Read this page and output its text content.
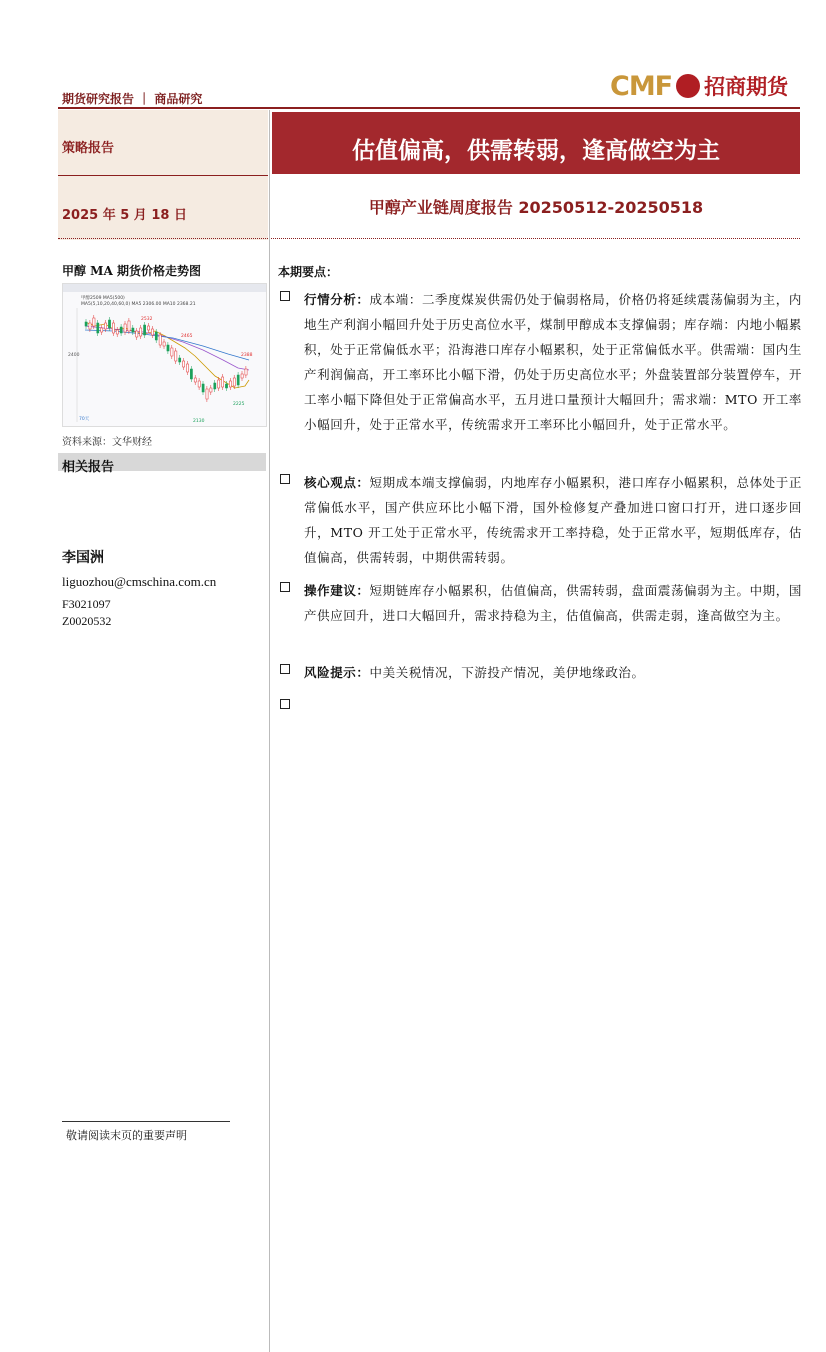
期货研究报告 ｜ 商品研究	CMF 招商期货
策略报告
2025 年 5 月 18 日
估值偏高，供需转弱，逢高做空为主
甲醇产业链周度报告 20250512-20250518
甲醇 MA 期货价格走势图
甲醇2509 MA5(500)
MA5(5,10,20,40,60,0) MA5 2306.00 MA10 2368.21
2532
2465
2400	2388
2130
2225
70天
资料来源：文华财经
相关报告
李国洲
liguozhou@cmschina.com.cn
F3021097
Z0020532
本期要点：
行情分析：成本端：二季度煤炭供需仍处于偏弱格局，价格仍将延续震荡偏弱为主，内地生产利润小幅回升处于历史高位水平，煤制甲醇成本支撑偏弱；库存端：内地小幅累积，处于正常偏低水平；沿海港口库存小幅累积，处于正常偏低水平。供需端：国内生产利润偏高，开工率环比小幅下滑，仍处于历史高位水平；外盘装置部分装置停车，开工率小幅下降但处于正常偏高水平，五月进口量预计大幅回升；需求端：MTO 开工率小幅回升，处于正常水平，传统需求开工率环比小幅回升，处于正常水平。
核心观点：短期成本端支撑偏弱，内地库存小幅累积，港口库存小幅累积，总体处于正常偏低水平，国产供应环比小幅下滑，国外检修复产叠加进口窗口打开，进口逐步回升，MTO 开工处于正常水平，传统需求开工率持稳，处于正常水平，短期低库存，估值偏高，供需转弱，中期供需转弱。
操作建议：短期链库存小幅累积，估值偏高，供需转弱，盘面震荡偏弱为主。中期，国产供应回升，进口大幅回升，需求持稳为主，估值偏高，供需走弱，逢高做空为主。
风险提示：中美关税情况，下游投产情况，美伊地缘政治。
敬请阅读末页的重要声明
